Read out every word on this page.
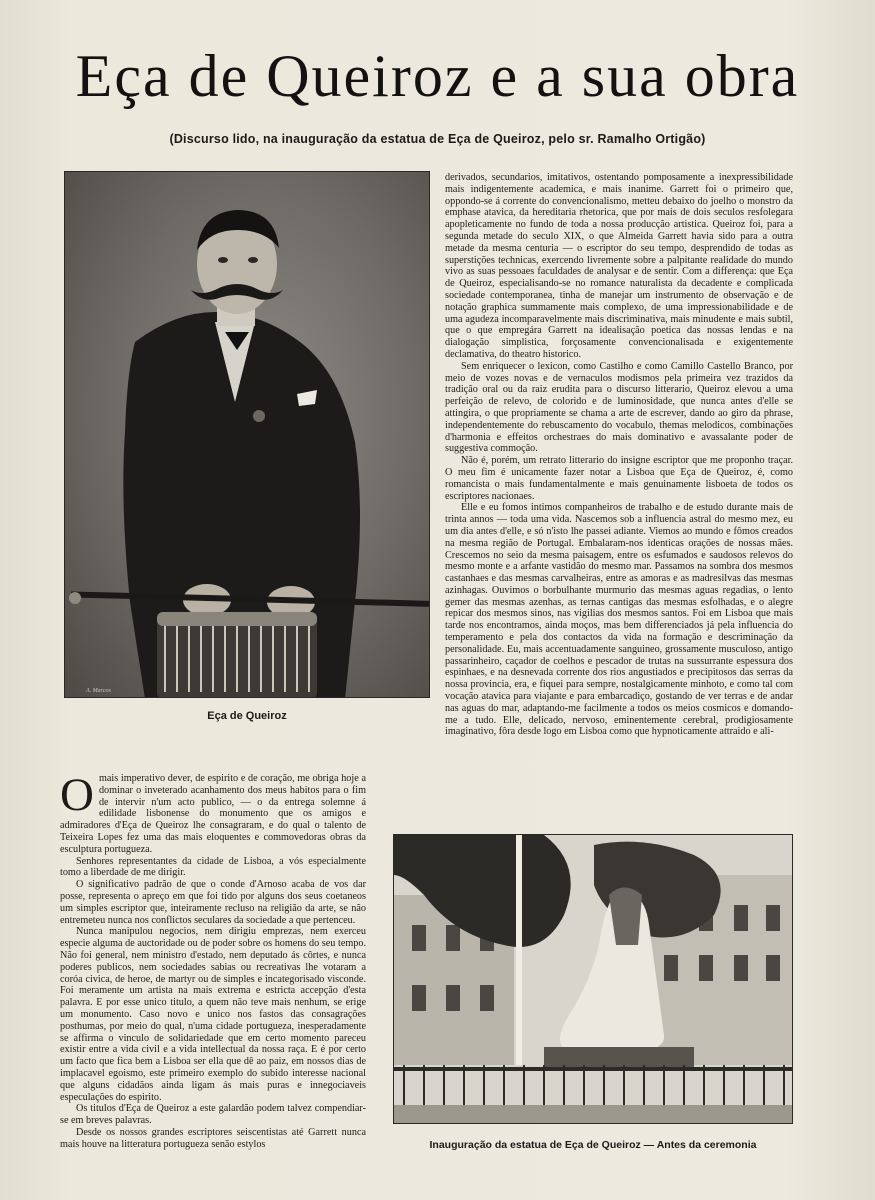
Eça de Queiroz e a sua obra
(Discurso lido, na inauguração da estatua de Eça de Queiroz, pelo sr. Ramalho Ortigão)
A. Marcos
Eça de Queiroz

derivados, secundarios, imitativos, ostentando pomposamente a inexpressibilidade mais indigentemente academica, e mais inanime. Garrett foi o primeiro que, oppondo-se á corrente do convencionalismo, metteu debaixo do joelho o monstro da emphase atavica, da hereditaria rhetorica, que por mais de dois seculos resfolegara apopleticamente no fundo de toda a nossa producção artistica. Queiroz foi, para a segunda metade do seculo XIX, o que Almeida Garrett havia sido para a outra metade da mesma centuria — o escriptor do seu tempo, desprendido de todas as superstições technicas, exercendo livremente sobre a palpitante realidade do mundo vivo as suas pessoaes faculdades de analysar e de sentir. Com a differença: que Eça de Queiroz, especialisando-se no romance naturalista da decadente e complicada sociedade contemporanea, tinha de manejar um instrumento de observação e de notação graphica summamente mais complexo, de uma impressionabilidade e de uma agudeza incomparavelmente mais discriminativa, mais minudente e mais subtil, que o que empregára Garrett na idealisação poetica das nossas lendas e na dialogação simplistica, forçosamente convencionalisada e exigentemente declamativa, do theatro historico.

Sem enriquecer o lexicon, como Castilho e como Camillo Castello Branco, por meio de vozes novas e de vernaculos modismos pela primeira vez trazidos da tradição oral ou da raiz erudita para o discurso litterario, Queiroz elevou a uma perfeição de relevo, de colorido e de luminosidade, que nunca antes d'elle se attingira, o que propriamente se chama a arte de escrever, dando ao giro da phrase, independentemente do rebuscamento do vocabulo, themas melodicos, combinações d'harmonia e effeitos orchestraes do mais dominativo e avassalante poder de suggestiva commoção.

Não é, porém, um retrato litterario do insigne escriptor que me proponho traçar. O meu fim é unicamente fazer notar a Lisboa que Eça de Queiroz, é, como romancista o mais fundamentalmente e mais genuinamente lisboeta de todos os escriptores nacionaes.

Elle e eu fomos intimos companheiros de trabalho e de estudo durante mais de trinta annos — toda uma vida. Nascemos sob a influencia astral do mesmo mez, eu um dia antes d'elle, e só n'isto lhe passei adiante. Viemos ao mundo e fômos creados na mesma região de Portugal. Embalaram-nos identicas orações de nossas mães. Crescemos no seio da mesma paisagem, entre os esfumados e saudosos relevos do mesmo monte e a arfante vastidão do mesmo mar. Passamos na sombra dos mesmos castanhaes e das mesmas carvalheiras, entre as amoras e as madresilvas das mesmas azinhagas. Ouvimos o borbulhante murmurio das mesmas aguas regadias, o lento gemer das mesmas azenhas, as ternas cantigas das mesmas esfolhadas, e o alegre repicar dos mesmos sinos, nas vigilias dos mesmos santos. Foi em Lisboa que mais tarde nos encontramos, ainda moços, mas bem differenciados já pela influencia do temperamento e pela dos contactos da vida na formação e descriminação da personalidade. Eu, mais accentuadamente sanguineo, grossamente musculoso, antigo passarinheiro, caçador de coelhos e pescador de trutas na sussurrante espessura dos espinhaes, e na desnevada corrente dos rios angustiados e precipitosos das serras da nossa provincia, era, e fiquei para sempre, nostalgicamente minhoto, e como tal com vocação atavica para viajante e para embarcadiço, gostando de ver terras e de andar nas aguas do mar, adaptando-me facilmente a todos os meios cosmicos e domando-me a tudo. Elle, delicado, nervoso, eminentemente cerebral, prodigiosamente imaginativo, fôra desde logo em Lisboa como que hypnoticamente attraido e ali-

Omais imperativo dever, de espirito e de coração, me obriga hoje a dominar o inveterado acanhamento dos meus habitos para o fim de intervir n'um acto publico, — o da entrega solemne á edilidade lisbonense do monumento que os amigos e admiradores d'Eça de Queiroz lhe consagraram, e do qual o talento de Teixeira Lopes fez uma das mais eloquentes e commovedoras obras da esculptura portugueza.

Senhores representantes da cidade de Lisboa, a vós especialmente tomo a liberdade de me dirigir.

O significativo padrão de que o conde d'Arnoso acaba de vos dar posse, representa o apreço em que foi tido por alguns dos seus coetaneos um simples escriptor que, inteiramente recluso na religião da arte, se não entremeteu nunca nos conflictos seculares da sociedade a que pertenceu.

Nunca manipulou negocios, nem dirigiu emprezas, nem exerceu especie alguma de auctoridade ou de poder sobre os homens do seu tempo. Não foi general, nem ministro d'estado, nem deputado ás côrtes, e nunca poderes publicos, nem sociedades sabias ou recreativas lhe votaram a coróa civica, de heroe, de martyr ou de simples e incategorisado visconde. Foi meramente um artista na mais extrema e estricta accepção d'esta palavra. E por esse unico titulo, a quem não teve mais nenhum, se erige um monumento. Caso novo e unico nos fastos das consagrações posthumas, por meio do qual, n'uma cidade portugueza, inesperadamente se affirma o vinculo de solidariedade que em certo momento pareceu existir entre a vida civil e a vida intellectual da nossa raça. E é por certo um facto que fica bem a Lisboa ser ella que dê ao paiz, em nossos dias de implacavel egoismo, este primeiro exemplo do subido interesse nacional que alguns cidadãos ainda ligam ás mais puras e innegociaveis especulações do espirito.

Os titulos d'Eça de Queiroz a este galardão podem talvez compendiar-se em breves palavras.

Desde os nossos grandes escriptores seiscentistas até Garrett nunca mais houve na litteratura portugueza senão estylos	Inauguração da estatua de Eça de Queiroz — Antes da ceremonia
